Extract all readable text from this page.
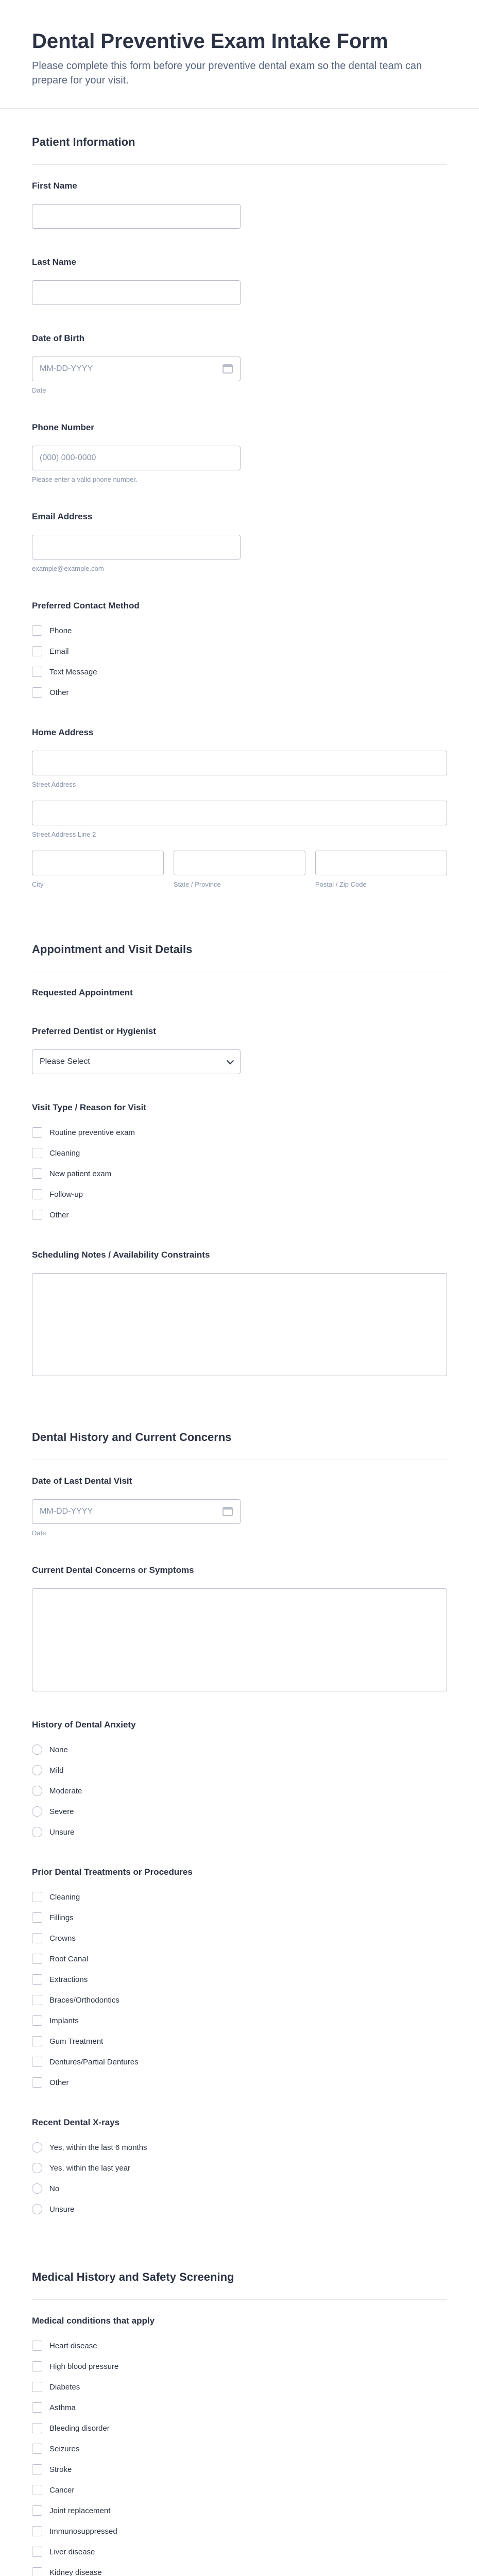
Dental Preventive Exam Intake Form
Please complete this form before your preventive dental exam so the dental team can prepare for your visit.
Patient Information
First Name
Last Name
Date of Birth
MM-DD-YYYY
Date
Phone Number
(000) 000-0000
Please enter a valid phone number.
Email Address
example@example.com
Preferred Contact Method
Phone
Email
Text Message
Other
Home Address
Street Address
Street Address Line 2
City	State / Province	Postal / Zip Code
Appointment and Visit Details
Requested Appointment
Preferred Dentist or Hygienist
Please Select
Visit Type / Reason for Visit
Routine preventive exam
Cleaning
New patient exam
Follow-up
Other
Scheduling Notes / Availability Constraints
Dental History and Current Concerns
Date of Last Dental Visit
MM-DD-YYYY
Date
Current Dental Concerns or Symptoms
History of Dental Anxiety
None
Mild
Moderate
Severe
Unsure
Prior Dental Treatments or Procedures
Cleaning
Fillings
Crowns
Root Canal
Extractions
Braces/Orthodontics
Implants
Gum Treatment
Dentures/Partial Dentures
Other
Recent Dental X-rays
Yes, within the last 6 months
Yes, within the last year
No
Unsure
Medical History and Safety Screening
Medical conditions that apply
Heart disease
High blood pressure
Diabetes
Asthma
Bleeding disorder
Seizures
Stroke
Cancer
Joint replacement
Immunosuppressed
Liver disease
Kidney disease
